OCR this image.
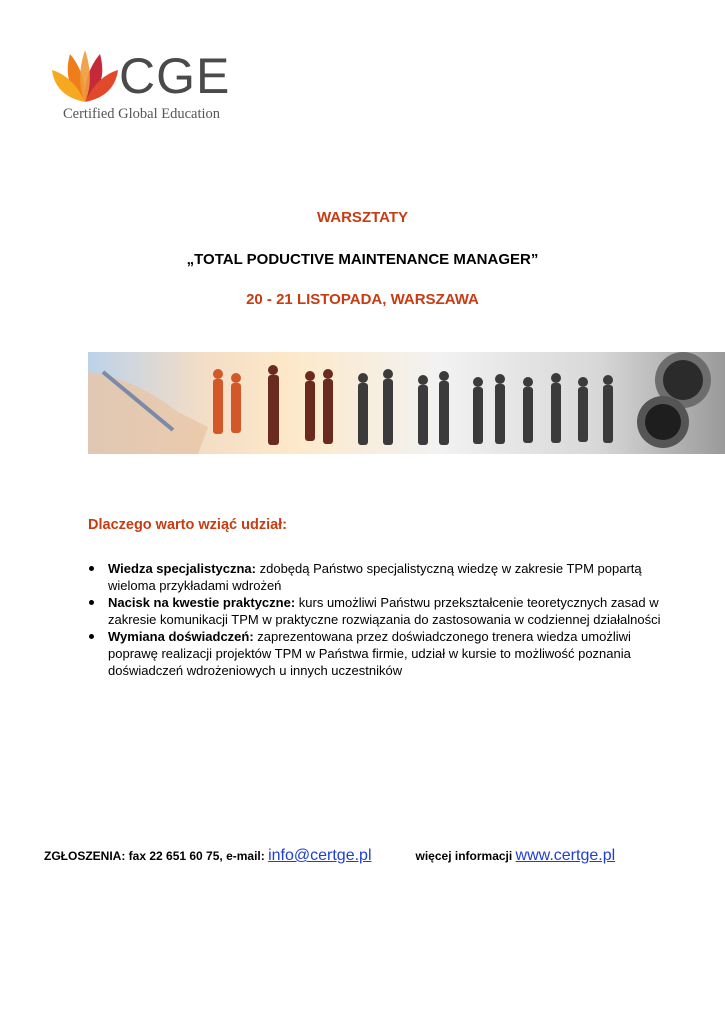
CGE
Certified Global Education
WARSZTATY
„TOTAL PODUCTIVE MAINTENANCE MANAGER”
20 - 21 LISTOPADA, WARSZAWA
Dlaczego warto wziąć udział:
Wiedza specjalistyczna: zdobędą Państwo specjalistyczną wiedzę w zakresie TPM popartą wieloma przykładami wdrożeń
Nacisk na kwestie praktyczne: kurs umożliwi Państwu przekształcenie teoretycznych zasad w zakresie komunikacji TPM w praktyczne rozwiązania do zastosowania w codziennej działalności
Wymiana doświadczeń: zaprezentowana przez doświadczonego trenera wiedza umożliwi poprawę realizacji projektów TPM w Państwa firmie, udział w kursie to możliwość poznania doświadczeń wdrożeniowych u innych uczestników
ZGŁOSZENIA: fax 22 651 60 75, e-mail: info@certge.pl	więcej informacji www.certge.pl
